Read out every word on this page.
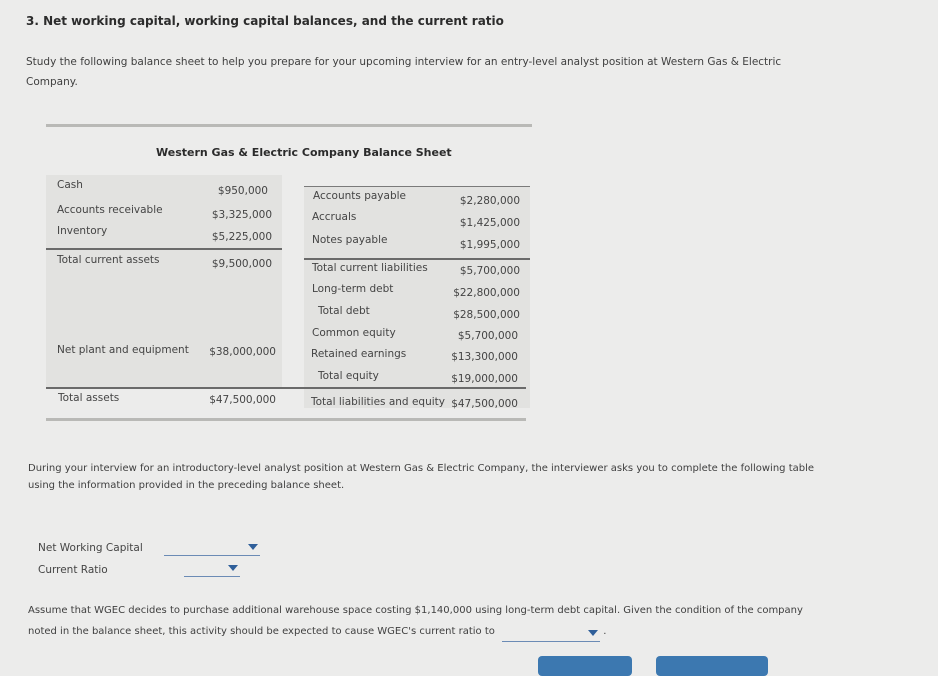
3. Net working capital, working capital balances, and the current ratio
Study the following balance sheet to help you prepare for your upcoming interview for an entry-level analyst position at Western Gas & Electric Company.
Western Gas & Electric Company Balance Sheet
Cash	$950,000
Accounts receivable	$3,325,000
Inventory	$5,225,000
Total current assets	$9,500,000
Net plant and equipment	$38,000,000
Total assets	$47,500,000
Accounts payable	$2,280,000
Accruals	$1,425,000
Notes payable	$1,995,000
Total current liabilities	$5,700,000
Long-term debt	$22,800,000
Total debt	$28,500,000
Common equity	$5,700,000
Retained earnings	$13,300,000
Total equity	$19,000,000
Total liabilities and equity $47,500,000
During your interview for an introductory-level analyst position at Western Gas & Electric Company, the interviewer asks you to complete the following table using the information provided in the preceding balance sheet.
Net Working Capital
Current Ratio
Assume that WGEC decides to purchase additional warehouse space costing $1,140,000 using long-term debt capital. Given the condition of the company noted in the balance sheet, this activity should be expected to cause WGEC's current ratio to	.
